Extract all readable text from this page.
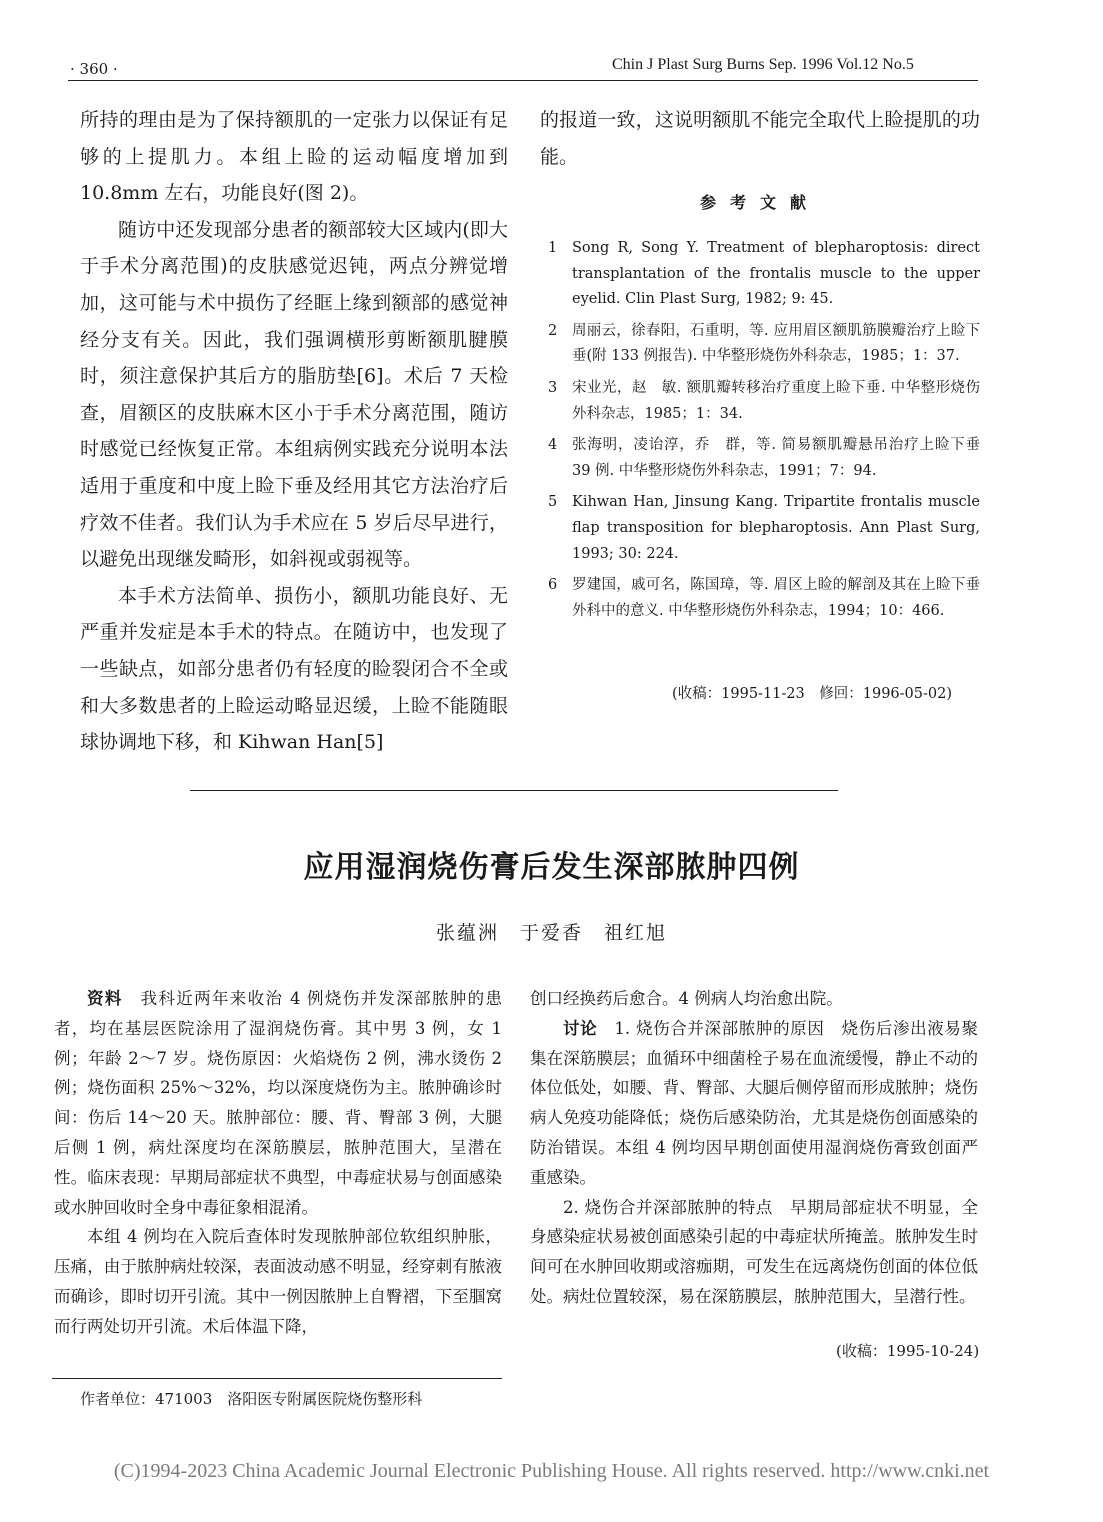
· 360 ·	Chin J Plast Surg Burns Sep. 1996 Vol.12 No.5

所持的理由是为了保持额肌的一定张力以保证有足够的上提肌力。本组上睑的运动幅度增加到 10.8mm 左右，功能良好(图 2)。

随访中还发现部分患者的额部较大区域内(即大于手术分离范围)的皮肤感觉迟钝，两点分辨觉增加，这可能与术中损伤了经眶上缘到额部的感觉神经分支有关。因此，我们强调横形剪断额肌腱膜时，须注意保护其后方的脂肪垫[6]。术后 7 天检查，眉额区的皮肤麻木区小于手术分离范围，随访时感觉已经恢复正常。本组病例实践充分说明本法适用于重度和中度上睑下垂及经用其它方法治疗后疗效不佳者。我们认为手术应在 5 岁后尽早进行，以避免出现继发畸形，如斜视或弱视等。

本手术方法简单、损伤小，额肌功能良好、无严重并发症是本手术的特点。在随访中，也发现了一些缺点，如部分患者仍有轻度的睑裂闭合不全或和大多数患者的上睑运动略显迟缓，上睑不能随眼球协调地下移，和 Kihwan Han[5]

的报道一致，这说明额肌不能完全取代上睑提肌的功能。

参考文献
1 Song R, Song Y. Treatment of blepharoptosis: direct transplantation of the frontalis muscle to the upper eyelid. Clin Plast Surg, 1982; 9: 45.
2 周丽云，徐春阳，石重明，等. 应用眉区额肌筋膜瓣治疗上睑下垂(附 133 例报告). 中华整形烧伤外科杂志，1985；1：37.
3 宋业光，赵　敏. 额肌瓣转移治疗重度上睑下垂. 中华整形烧伤外科杂志，1985；1：34.
4 张海明，凌诒淳，乔　群，等. 简易额肌瓣悬吊治疗上睑下垂 39 例. 中华整形烧伤外科杂志，1991；7：94.
5 Kihwan Han, Jinsung Kang. Tripartite frontalis muscle flap transposition for blepharoptosis. Ann Plast Surg, 1993; 30: 224.
6 罗建国，戚可名，陈国璋，等. 眉区上睑的解剖及其在上睑下垂外科中的意义. 中华整形烧伤外科杂志，1994；10：466.
(收稿：1995-11-23　修回：1996-05-02)
应用湿润烧伤膏后发生深部脓肿四例
张蕴洲　于爱香　祖红旭

资料　 我科近两年来收治 4 例烧伤并发深部脓肿的患者，均在基层医院涂用了湿润烧伤膏。其中男 3 例，女 1 例；年龄 2～7 岁。烧伤原因：火焰烧伤 2 例，沸水烫伤 2 例；烧伤面积 25%～32%，均以深度烧伤为主。脓肿确诊时间：伤后 14～20 天。脓肿部位：腰、背、臀部 3 例，大腿后侧 1 例，病灶深度均在深筋膜层，脓肿范围大，呈潜在性。临床表现：早期局部症状不典型，中毒症状易与创面感染或水肿回收时全身中毒征象相混淆。

本组 4 例均在入院后查体时发现脓肿部位软组织肿胀，压痛，由于脓肿病灶较深，表面波动感不明显，经穿刺有脓液而确诊，即时切开引流。其中一例因脓肿上自臀褶，下至腘窝而行两处切开引流。术后体温下降，

创口经换药后愈合。4 例病人均治愈出院。

讨论　 1. 烧伤合并深部脓肿的原因　烧伤后渗出液易聚集在深筋膜层；血循环中细菌栓子易在血流缓慢，静止不动的体位低处，如腰、背、臀部、大腿后侧停留而形成脓肿；烧伤病人免疫功能降低；烧伤后感染防治，尤其是烧伤创面感染的防治错误。本组 4 例均因早期创面使用湿润烧伤膏致创面严重感染。

2. 烧伤合并深部脓肿的特点　早期局部症状不明显，全身感染症状易被创面感染引起的中毒症状所掩盖。脓肿发生时间可在水肿回收期或溶痂期，可发生在远离烧伤创面的体位低处。病灶位置较深，易在深筋膜层，脓肿范围大，呈潜行性。

(收稿：1995-10-24)
作者单位：471003　洛阳医专附属医院烧伤整形科
(C)1994-2023 China Academic Journal Electronic Publishing House. All rights reserved. http://www.cnki.net
